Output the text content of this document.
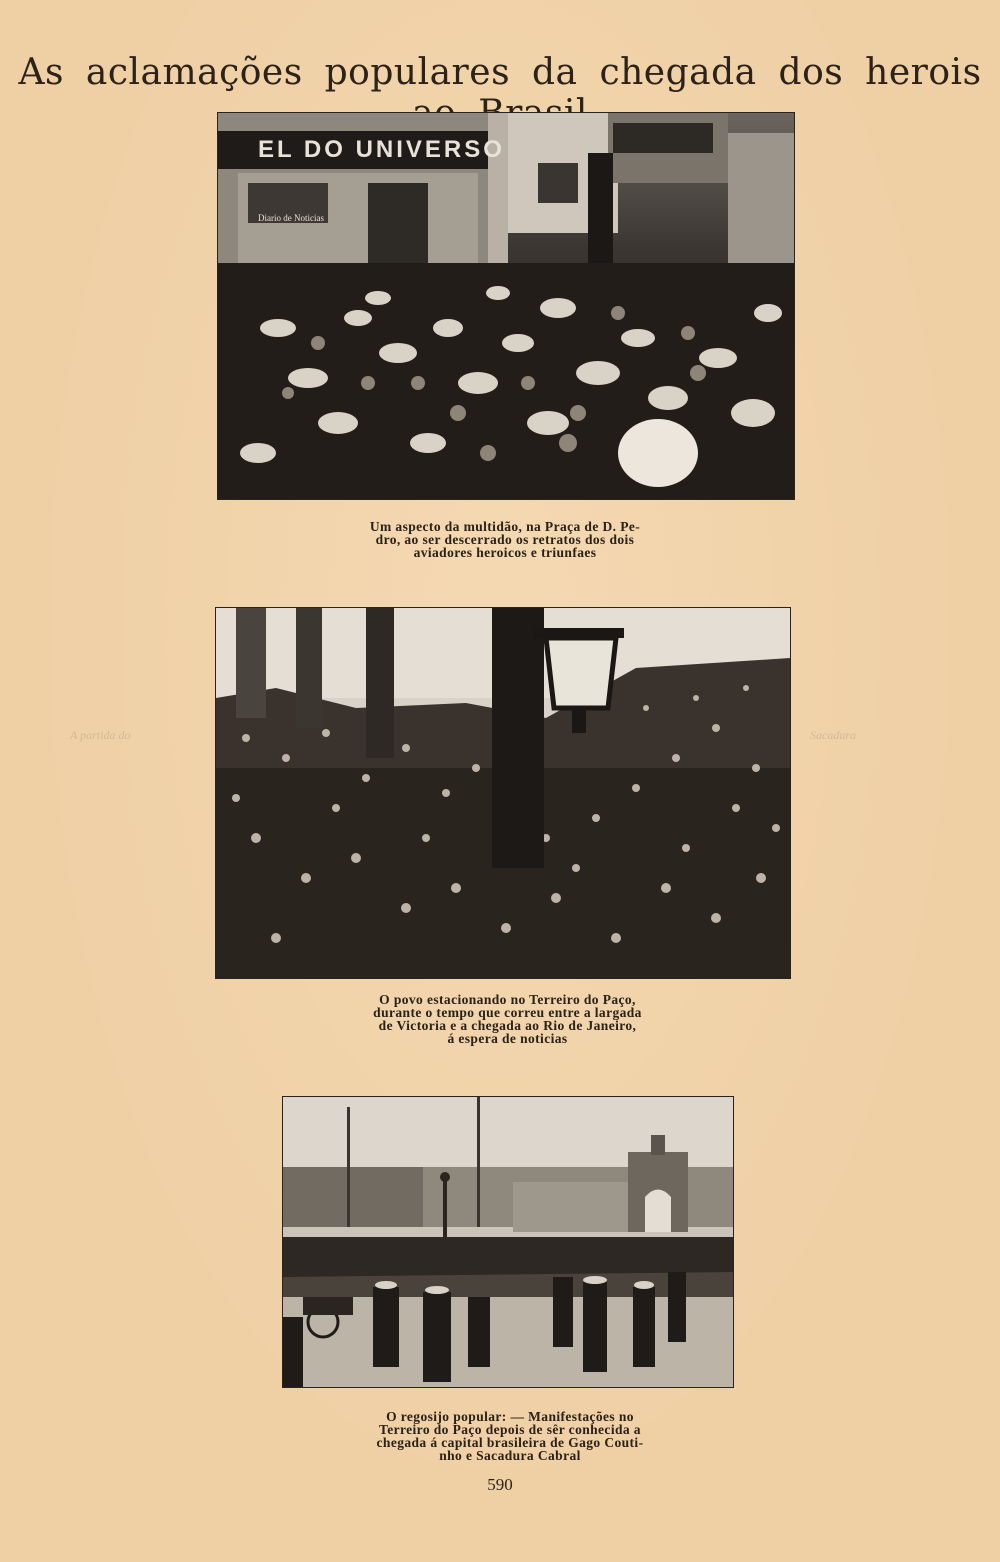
As aclamações populares da chegada dos herois
EL DO UNIVERSO
Diario de Noticias
Um aspecto da multidão, na Praça de D. Pe-
dro, ao ser descerrado os retratos dos dois
aviadores heroicos e triunfaes
A partida do	Sacadura
O povo estacionando no Terreiro do Paço,
durante o tempo que correu entre a largada
de Victoria e a chegada ao Rio de Janeiro,
á espera de noticias
O regosijo popular: — Manifestações no
Terreiro do Paço depois de sêr conhecida a
chegada á capital brasileira de Gago Couti-
nho e Sacadura Cabral
590
